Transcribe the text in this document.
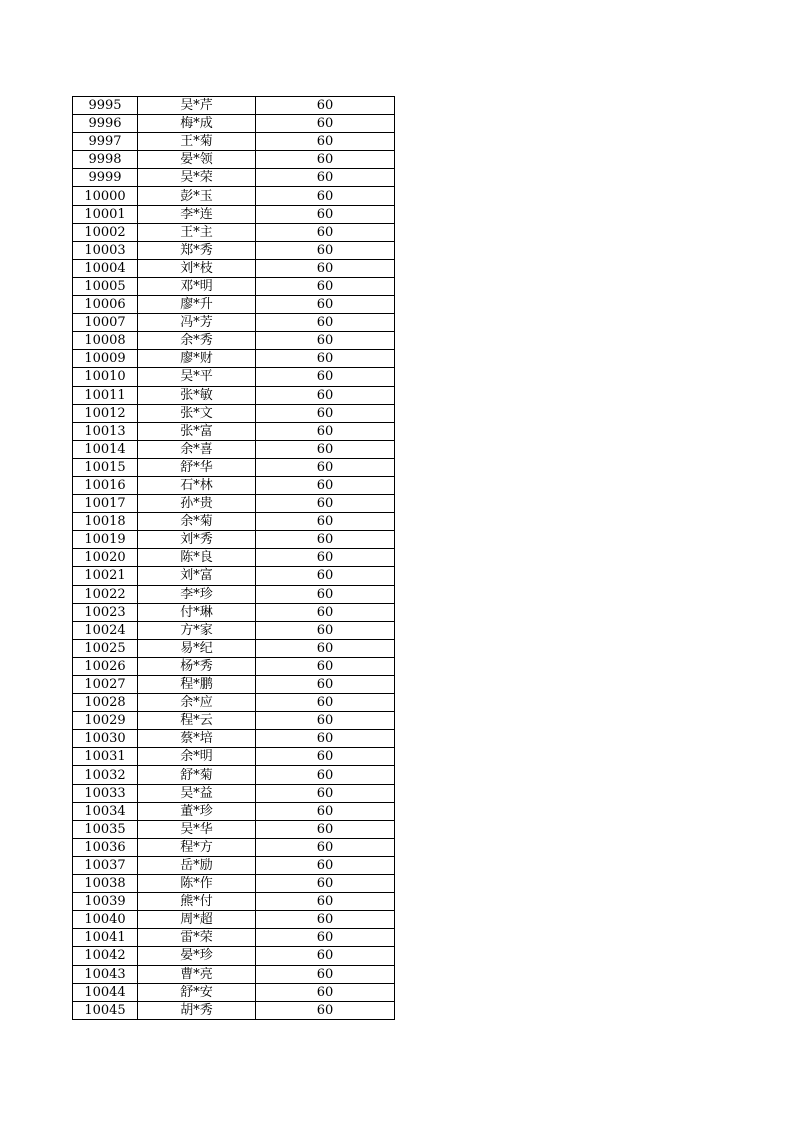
9995	吴*芹	60
9996	梅*成	60
9997	王*菊	60
9998	晏*领	60
9999	吴*荣	60
10000	彭*玉	60
10001	李*连	60
10002	王*主	60
10003	郑*秀	60
10004	刘*枝	60
10005	邓*明	60
10006	廖*升	60
10007	冯*芳	60
10008	余*秀	60
10009	廖*财	60
10010	吴*平	60
10011	张*敏	60
10012	张*文	60
10013	张*富	60
10014	余*喜	60
10015	舒*华	60
10016	石*林	60
10017	孙*贵	60
10018	余*菊	60
10019	刘*秀	60
10020	陈*良	60
10021	刘*富	60
10022	李*珍	60
10023	付*琳	60
10024	方*家	60
10025	易*纪	60
10026	杨*秀	60
10027	程*鹏	60
10028	余*应	60
10029	程*云	60
10030	蔡*培	60
10031	余*明	60
10032	舒*菊	60
10033	吴*益	60
10034	董*珍	60
10035	吴*华	60
10036	程*方	60
10037	岳*励	60
10038	陈*作	60
10039	熊*付	60
10040	周*超	60
10041	雷*荣	60
10042	晏*珍	60
10043	曹*亮	60
10044	舒*安	60
10045	胡*秀	60
